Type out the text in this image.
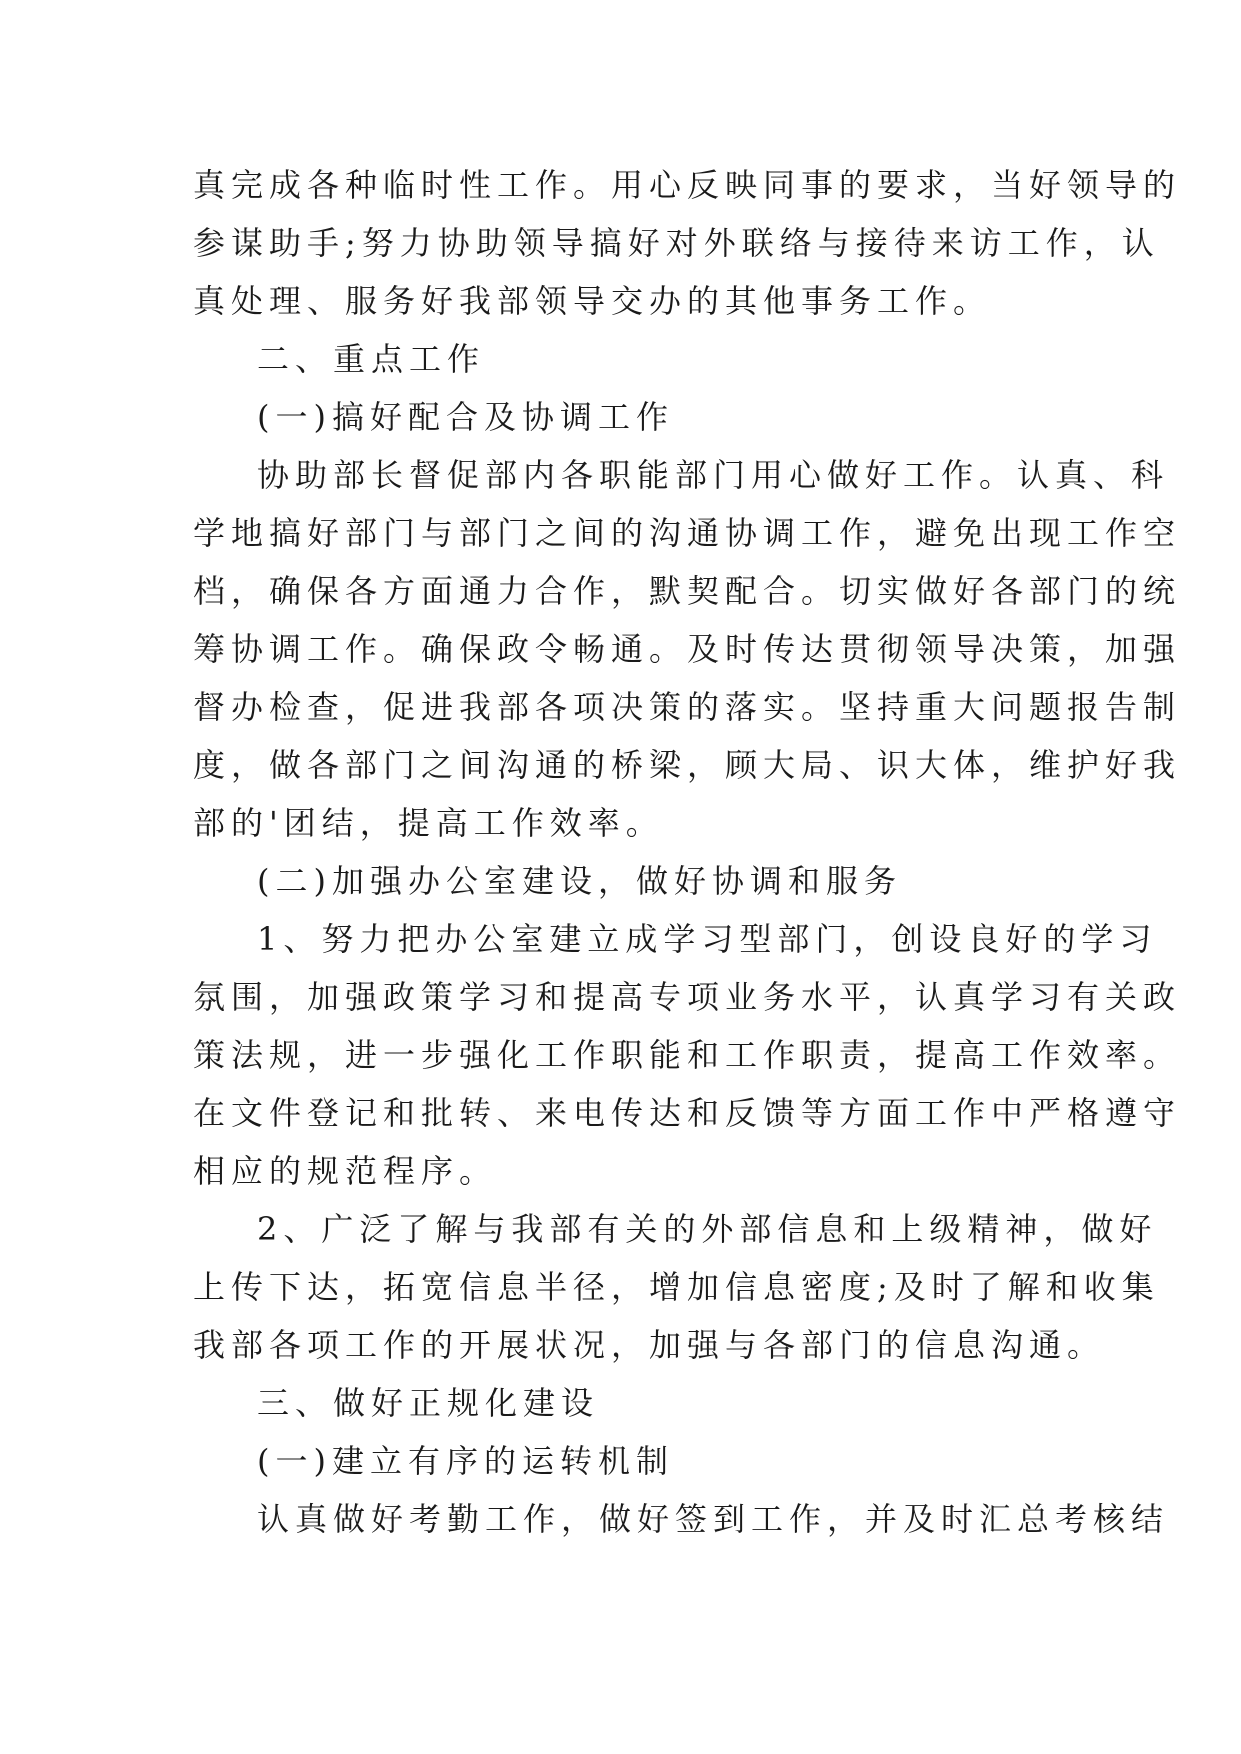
真完成各种临时性工作。用心反映同事的要求，当好领导的
参谋助手;努力协助领导搞好对外联络与接待来访工作，认
真处理、服务好我部领导交办的其他事务工作。
二、重点工作
(一)搞好配合及协调工作
协助部长督促部内各职能部门用心做好工作。认真、科
学地搞好部门与部门之间的沟通协调工作，避免出现工作空
档，确保各方面通力合作，默契配合。切实做好各部门的统
筹协调工作。确保政令畅通。及时传达贯彻领导决策，加强
督办检查，促进我部各项决策的落实。坚持重大问题报告制
度，做各部门之间沟通的桥梁，顾大局、识大体，维护好我
部的'团结，提高工作效率。
(二)加强办公室建设，做好协调和服务
1、努力把办公室建立成学习型部门，创设良好的学习
氛围，加强政策学习和提高专项业务水平，认真学习有关政
策法规，进一步强化工作职能和工作职责，提高工作效率。
在文件登记和批转、来电传达和反馈等方面工作中严格遵守
相应的规范程序。
2、广泛了解与我部有关的外部信息和上级精神，做好
上传下达，拓宽信息半径，增加信息密度;及时了解和收集
我部各项工作的开展状况，加强与各部门的信息沟通。
三、做好正规化建设
(一)建立有序的运转机制
认真做好考勤工作，做好签到工作，并及时汇总考核结
